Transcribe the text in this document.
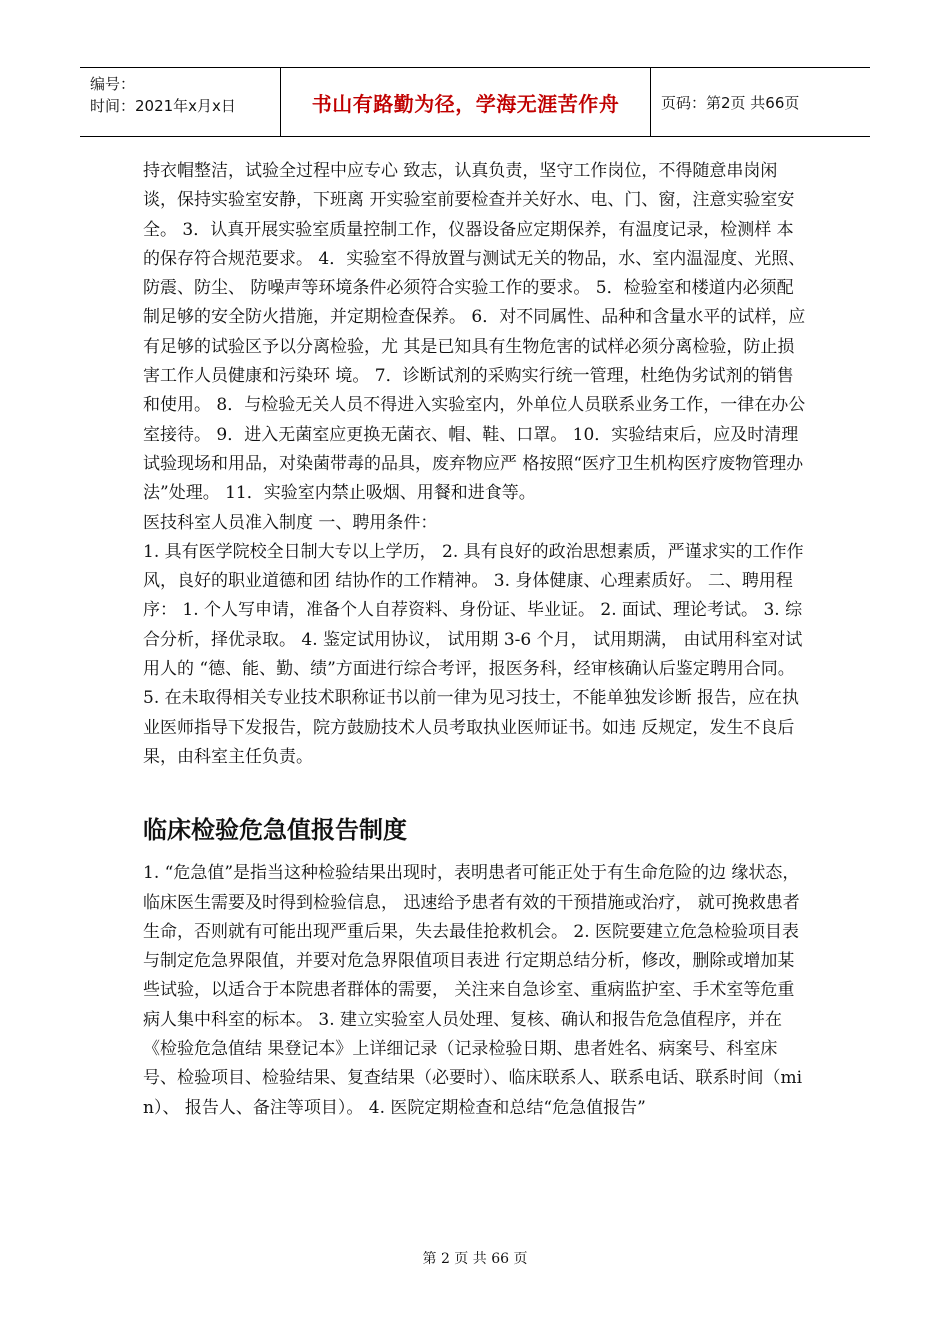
编号：
时间：2021年x月x日	书山有路勤为径，学海无涯苦作舟	页码：第2页 共66页

持衣帽整洁，试验全过程中应专心 致志，认真负责，坚守工作岗位，不得随意串岗闲谈，保持实验室安静，下班离 开实验室前要检查并关好水、电、门、窗，注意实验室安全。 3．认真开展实验室质量控制工作，仪器设备应定期保养，有温度记录，检测样 本的保存符合规范要求。 4．实验室不得放置与测试无关的物品，水、室内温湿度、光照、防震、防尘、 防噪声等环境条件必须符合实验工作的要求。 5．检验室和楼道内必须配制足够的安全防火措施，并定期检查保养。 6．对不同属性、品种和含量水平的试样，应有足够的试验区予以分离检验，尤 其是已知具有生物危害的试样必须分离检验，防止损害工作人员健康和污染环 境。 7．诊断试剂的采购实行统一管理，杜绝伪劣试剂的销售和使用。 8．与检验无关人员不得进入实验室内，外单位人员联系业务工作，一律在办公 室接待。 9．进入无菌室应更换无菌衣、帽、鞋、口罩。 10．实验结束后，应及时清理试验现场和用品，对染菌带毒的品具，废弃物应严 格按照“医疗卫生机构医疗废物管理办法”处理。 11．实验室内禁止吸烟、用餐和进食等。

医技科室人员准入制度 一、聘用条件：

1. 具有医学院校全日制大专以上学历， 2. 具有良好的政治思想素质，严谨求实的工作作风，良好的职业道德和团 结协作的工作精神。 3. 身体健康、心理素质好。 二、聘用程序： 1. 个人写申请，准备个人自荐资料、身份证、毕业证。 2. 面试、理论考试。 3. 综合分析，择优录取。 4. 鉴定试用协议， 试用期 3-6 个月， 试用期满， 由试用科室对试用人的 “德、能、勤、绩”方面进行综合考评，报医务科，经审核确认后鉴定聘用合同。 5. 在未取得相关专业技术职称证书以前一律为见习技士，不能单独发诊断 报告，应在执业医师指导下发报告，院方鼓励技术人员考取执业医师证书。如违 反规定，发生不良后果，由科室主任负责。

临床检验危急值报告制度

1. “危急值”是指当这种检验结果出现时，表明患者可能正处于有生命危险的边 缘状态， 临床医生需要及时得到检验信息， 迅速给予患者有效的干预措施或治疗， 就可挽救患者生命，否则就有可能出现严重后果，失去最佳抢救机会。 2. 医院要建立危急检验项目表与制定危急界限值，并要对危急界限值项目表进 行定期总结分析，修改，删除或增加某些试验，以适合于本院患者群体的需要， 关注来自急诊室、重病监护室、手术室等危重病人集中科室的标本。 3. 建立实验室人员处理、复核、确认和报告危急值程序，并在《检验危急值结 果登记本》上详细记录（记录检验日期、患者姓名、病案号、科室床号、检验项目、检验结果、复查结果（必要时）、临床联系人、联系电话、联系时间（min）、 报告人、备注等项目）。 4. 医院定期检查和总结“危急值报告”

第 2 页 共 66 页
